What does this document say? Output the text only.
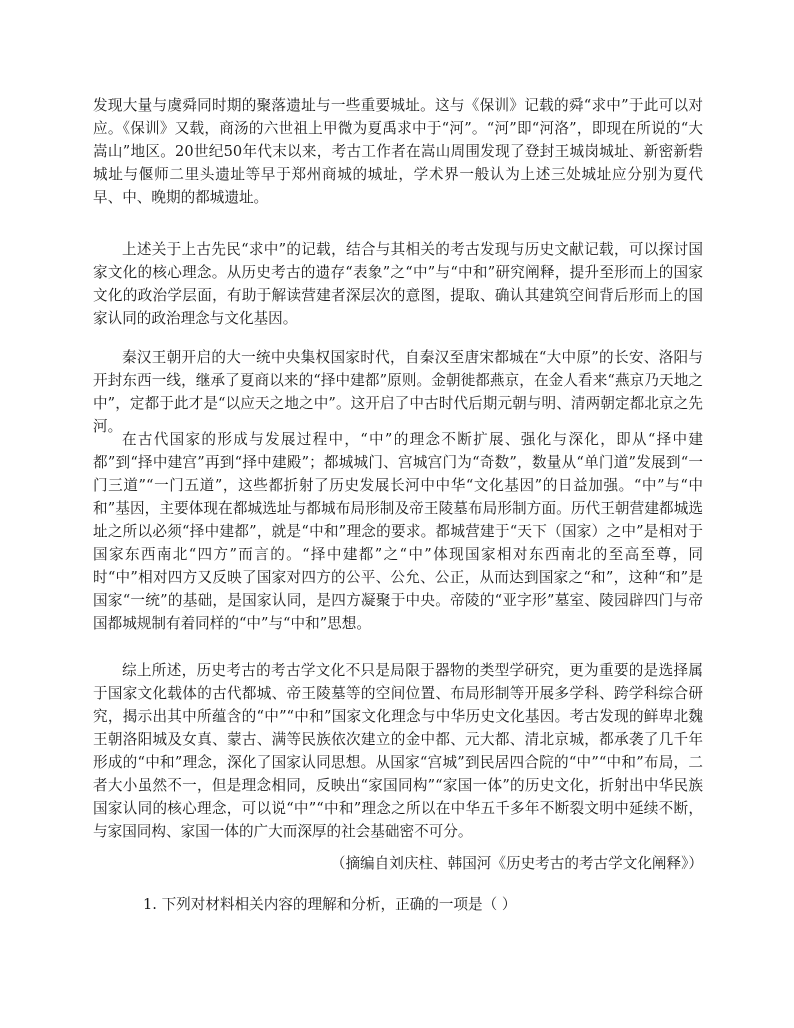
发现大量与虞舜同时期的聚落遗址与一些重要城址。这与《保训》记载的舜“求中”于此可以对应。《保训》又载，商汤的六世祖上甲微为夏禹求中于“河”。“河”即“河洛”，即现在所说的“大嵩山”地区。20世纪50年代末以来，考古工作者在嵩山周围发现了登封王城岗城址、新密新砦城址与偃师二里头遗址等早于郑州商城的城址，学术界一般认为上述三处城址应分别为夏代早、中、晚期的都城遗址。

上述关于上古先民“求中”的记载，结合与其相关的考古发现与历史文献记载，可以探讨国家文化的核心理念。从历史考古的遗存“表象”之“中”与“中和”研究阐释，提升至形而上的国家文化的政治学层面，有助于解读营建者深层次的意图，提取、确认其建筑空间背后形而上的国家认同的政治理念与文化基因。

秦汉王朝开启的大一统中央集权国家时代，自秦汉至唐宋都城在“大中原”的长安、洛阳与开封东西一线，继承了夏商以来的“择中建都”原则。金朝徙都燕京，在金人看来“燕京乃天地之中”，定都于此才是“以应天之地之中”。这开启了中古时代后期元朝与明、清两朝定都北京之先河。

在古代国家的形成与发展过程中，“中”的理念不断扩展、强化与深化，即从“择中建都”到“择中建宫”再到“择中建殿”；都城城门、宫城宫门为“奇数”，数量从“单门道”发展到“一门三道”“一门五道”，这些都折射了历史发展长河中中华“文化基因”的日益加强。“中”与“中和”基因，主要体现在都城选址与都城布局形制及帝王陵墓布局形制方面。历代王朝营建都城选址之所以必须“择中建都”，就是“中和”理念的要求。都城营建于“天下（国家）之中”是相对于国家东西南北“四方”而言的。“择中建都”之“中”体现国家相对东西南北的至高至尊，同时“中”相对四方又反映了国家对四方的公平、公允、公正，从而达到国家之“和”，这种“和”是国家“一统”的基础，是国家认同，是四方凝聚于中央。帝陵的“亚字形”墓室、陵园辟四门与帝国都城规制有着同样的“中”与“中和”思想。

综上所述，历史考古的考古学文化不只是局限于器物的类型学研究，更为重要的是选择属于国家文化载体的古代都城、帝王陵墓等的空间位置、布局形制等开展多学科、跨学科综合研究，揭示出其中所蕴含的“中”“中和”国家文化理念与中华历史文化基因。考古发现的鲜卑北魏王朝洛阳城及女真、蒙古、满等民族依次建立的金中都、元大都、清北京城，都承袭了几千年形成的“中和”理念，深化了国家认同思想。从国家“宫城”到民居四合院的“中”“中和”布局，二者大小虽然不一，但是理念相同，反映出“家国同构”“家国一体”的历史文化，折射出中华民族国家认同的核心理念，可以说“中”“中和”理念之所以在中华五千多年不断裂文明中延续不断，与家国同构、家国一体的广大而深厚的社会基础密不可分。

（摘编自刘庆柱、韩国河《历史考古的考古学文化阐释》）

1. 下列对材料相关内容的理解和分析，正确的一项是（ ）
